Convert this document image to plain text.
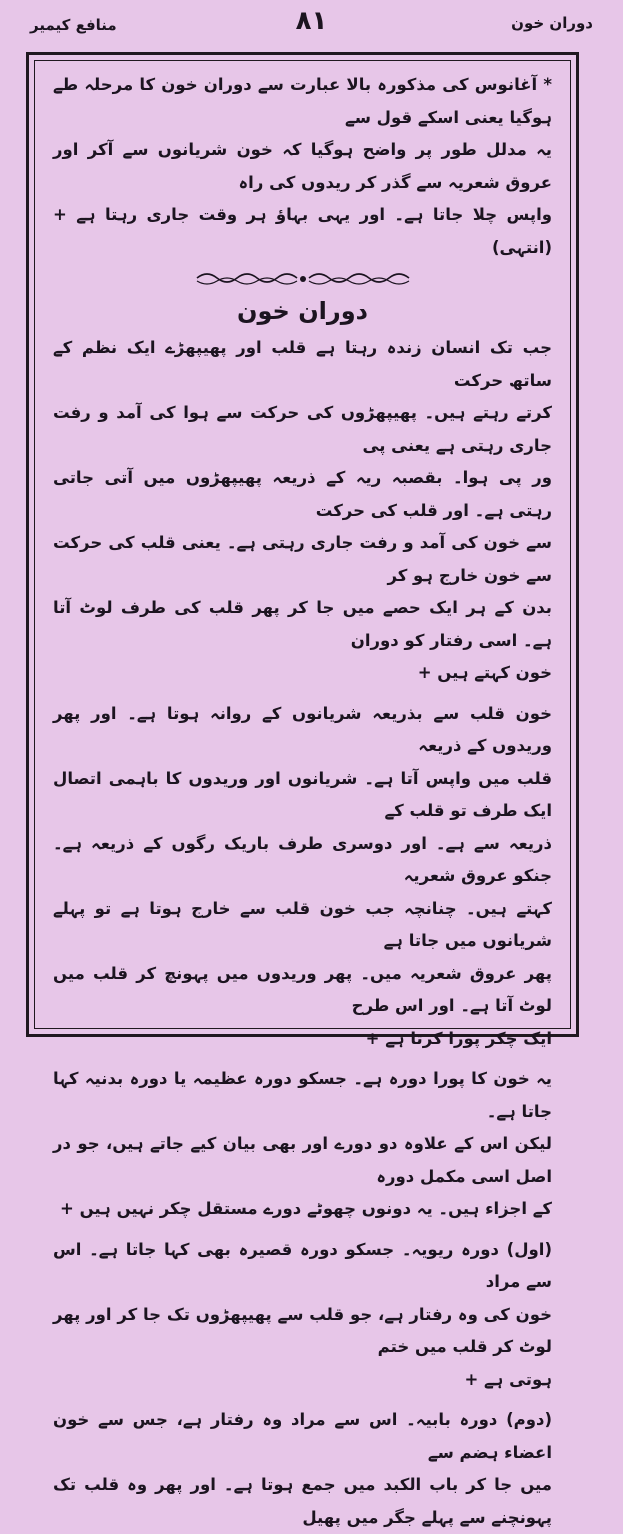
دوران خون
۸۱
منافع کیمیر

* آغانوس کی مذکورہ بالا عبارت سے دوران خون کا مرحلہ طے ہوگیا یعنی اسکے قول سے

یہ مدلل طور پر واضح ہوگیا کہ خون شریانوں سے آکر اور عروق شعریہ سے گذر کر ریدوں کی راہ

واپس چلا جاتا ہے۔ اور یہی بہاؤ ہر وقت جاری رہتا ہے + (انتہی)

دوران خون

جب تک انسان زندہ رہتا ہے قلب اور پھیپھڑے ایک نظم کے ساتھ حرکت

کرتے رہتے ہیں۔ پھیپھڑوں کی حرکت سے ہوا کی آمد و رفت جاری رہتی ہے یعنی پی

ور پی ہوا۔ بقصبہ ریہ کے ذریعہ پھیپھڑوں میں آتی جاتی رہتی ہے۔ اور قلب کی حرکت

سے خون کی آمد و رفت جاری رہتی ہے۔ یعنی قلب کی حرکت سے خون خارج ہو کر

بدن کے ہر ایک حصے میں جا کر پھر قلب کی طرف لوٹ آتا ہے۔ اسی رفتار کو دوران

خون کہتے ہیں +

خون قلب سے بذریعہ شریانوں کے روانہ ہوتا ہے۔ اور پھر وریدوں کے ذریعہ

قلب میں واپس آتا ہے۔ شریانوں اور وریدوں کا باہمی اتصال ایک طرف تو قلب کے

ذریعہ سے ہے۔ اور دوسری طرف باریک رگوں کے ذریعہ ہے۔ جنکو عروق شعریہ

کہتے ہیں۔ چنانچہ جب خون قلب سے خارج ہوتا ہے تو پہلے شریانوں میں جاتا ہے

پھر عروق شعریہ میں۔ پھر وریدوں میں پہونچ کر قلب میں لوٹ آتا ہے۔ اور اس طرح

ایک چکر پورا کرتا ہے +

یہ خون کا پورا دورہ ہے۔ جسکو دورہ عظیمہ یا دورہ بدنیہ کہا جاتا ہے۔

لیکن اس کے علاوہ دو دورے اور بھی بیان کیے جاتے ہیں، جو در اصل اسی مکمل دورہ

کے اجزاء ہیں۔ یہ دونوں چھوٹے دورے مستقل چکر نہیں ہیں +

(اول) دورہ ریویہ۔ جسکو دورہ قصیرہ بھی کہا جاتا ہے۔ اس سے مراد

خون کی وہ رفتار ہے، جو قلب سے پھیپھڑوں تک جا کر اور پھر لوٹ کر قلب میں ختم

ہوتی ہے +

(دوم) دورہ بابیہ۔ اس سے مراد وہ رفتار ہے، جس سے خون اعضاء ہضم سے

میں جا کر باب الکبد میں جمع ہوتا ہے۔ اور پھر وہ قلب تک پہونچنے سے پہلے جگر میں پھیل
